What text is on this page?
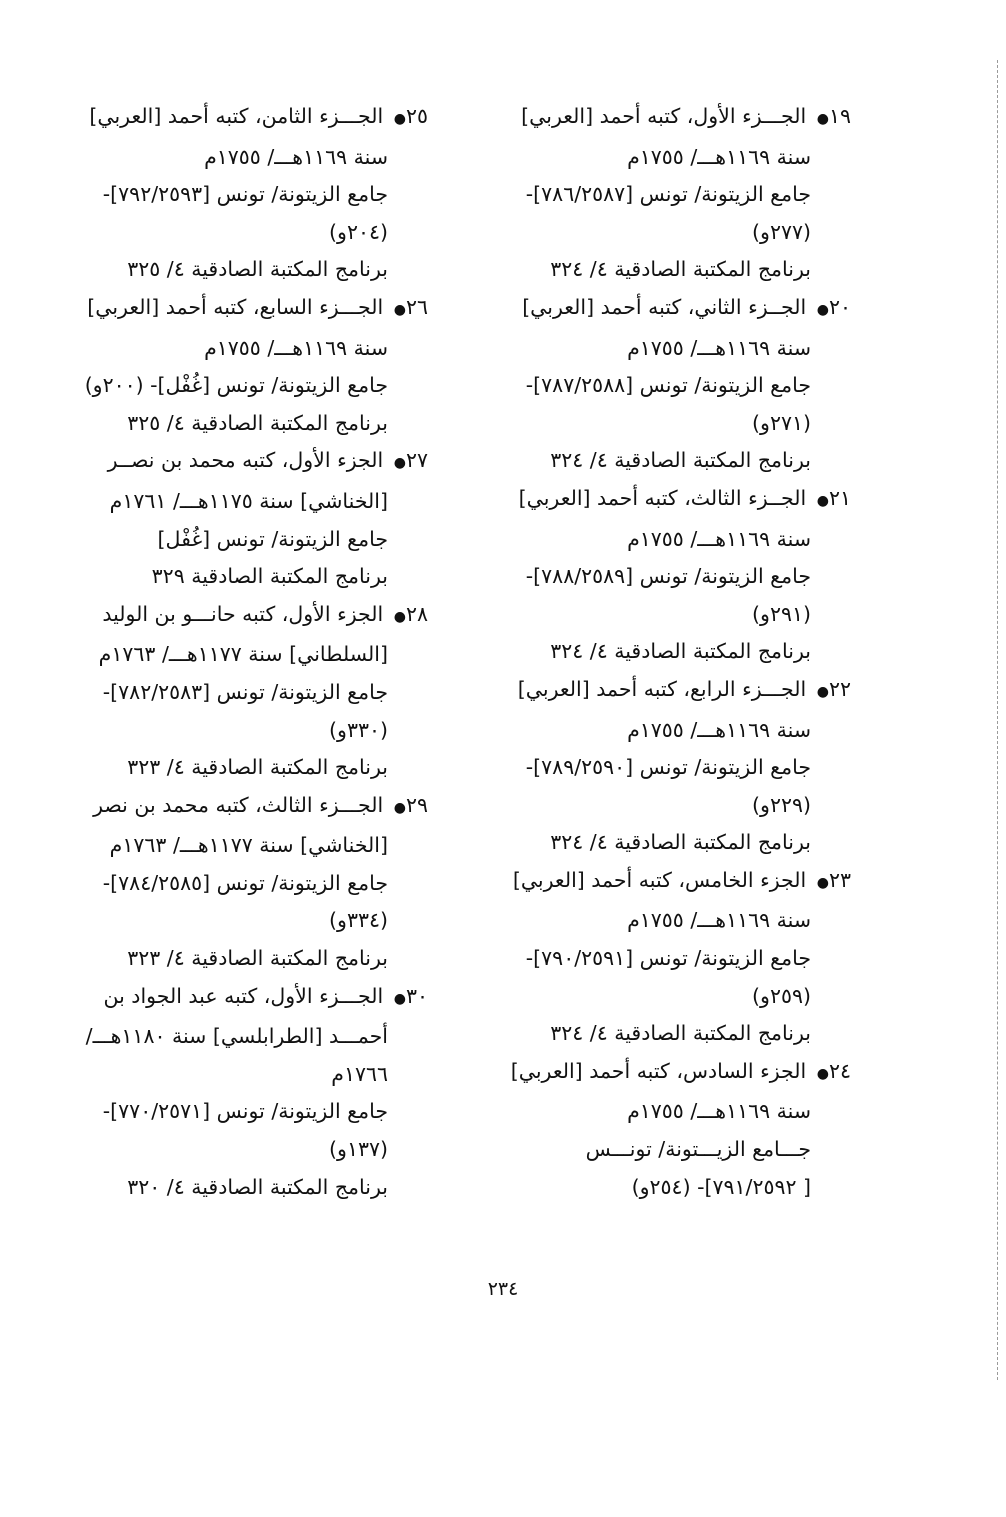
١٩● الجـــزء الأول، كتبه أحمد [العربي]
سنة ١١٦٩هـــ/ ١٧٥٥م
جامع الزيتونة/ تونس [٧٨٦/٢٥٨٧]-
(٢٧٧و)
برنامج المكتبة الصادقية ٤/ ٣٢٤
٢٠● الجــزء الثاني، كتبه أحمد [العربي]
سنة ١١٦٩هـــ/ ١٧٥٥م
جامع الزيتونة/ تونس [٧٨٧/٢٥٨٨]-
(٢٧١و)
برنامج المكتبة الصادقية ٤/ ٣٢٤
٢١● الجــزء الثالث، كتبه أحمد [العربي]
سنة ١١٦٩هـــ/ ١٧٥٥م
جامع الزيتونة/ تونس [٧٨٨/٢٥٨٩]-
(٢٩١و)
برنامج المكتبة الصادقية ٤/ ٣٢٤
٢٢● الجـــزء الرابع، كتبه أحمد [العربي]
سنة ١١٦٩هـــ/ ١٧٥٥م
جامع الزيتونة/ تونس [٧٨٩/٢٥٩٠]-
(٢٢٩و)
برنامج المكتبة الصادقية ٤/ ٣٢٤
٢٣● الجزء الخامس، كتبه أحمد [العربي]
سنة ١١٦٩هـــ/ ١٧٥٥م
جامع الزيتونة/ تونس [٧٩٠/٢٥٩١]-
(٢٥٩و)
برنامج المكتبة الصادقية ٤/ ٣٢٤
٢٤● الجزء السادس، كتبه أحمد [العربي]
سنة ١١٦٩هـــ/ ١٧٥٥م
جـــامع الزيـــتونة/ تونـــس
[ ٧٩١/٢٥٩٢]- (٢٥٤و)
٢٥● الجـــزء الثامن، كتبه أحمد [العربي]
سنة ١١٦٩هـــ/ ١٧٥٥م
جامع الزيتونة/ تونس [٧٩٢/٢٥٩٣]-
(٢٠٤و)
برنامج المكتبة الصادقية ٤/ ٣٢٥
٢٦● الجـــزء السابع، كتبه أحمد [العربي]
سنة ١١٦٩هـــ/ ١٧٥٥م
جامع الزيتونة/ تونس [غُفْل]- (٢٠٠و)
برنامج المكتبة الصادقية ٤/ ٣٢٥
٢٧● الجزء الأول، كتبه محمد بن نصــر
[الخناشي] سنة ١١٧٥هـــ/ ١٧٦١م
جامع الزيتونة/ تونس [غُفْل]
برنامج المكتبة الصادقية ٣٢٩
٢٨● الجزء الأول، كتبه حانـــو بن الوليد
[السلطاني] سنة ١١٧٧هـــ/ ١٧٦٣م
جامع الزيتونة/ تونس [٧٨٢/٢٥٨٣]-
(٣٣٠و)
برنامج المكتبة الصادقية ٤/ ٣٢٣
٢٩● الجـــزء الثالث، كتبه محمد بن نصر
[الخناشي] سنة ١١٧٧هـــ/ ١٧٦٣م
جامع الزيتونة/ تونس [٧٨٤/٢٥٨٥]-
(٣٣٤و)
برنامج المكتبة الصادقية ٤/ ٣٢٣
٣٠● الجـــزء الأول، كتبه عبد الجواد بن
أحمـــد [الطرابلسي] سنة ١١٨٠هـــ/
١٧٦٦م
جامع الزيتونة/ تونس [٧٧٠/٢٥٧١]-
(١٣٧و)
برنامج المكتبة الصادقية ٤/ ٣٢٠
٢٣٤
